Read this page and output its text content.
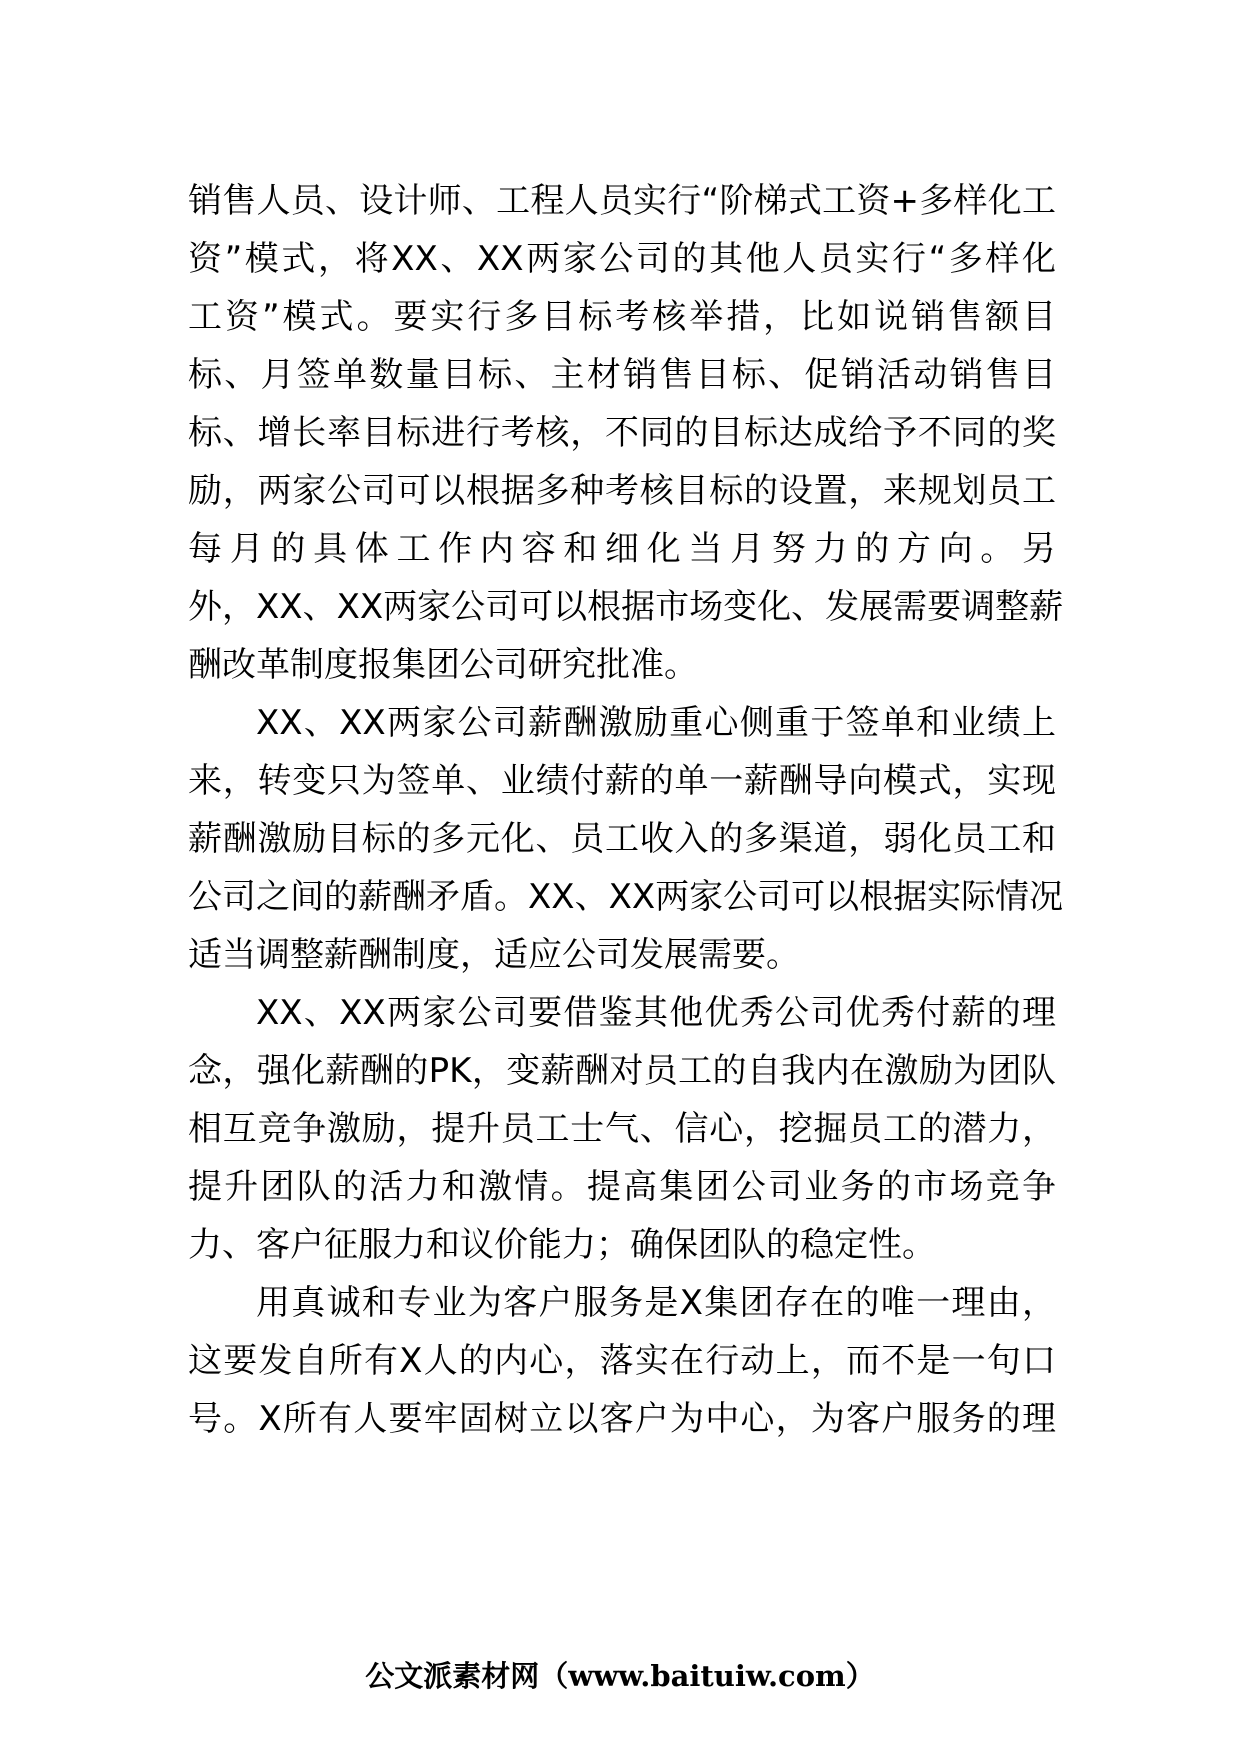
销售人员、设计师、工程人员实行“阶梯式工资+多样化工
资”模式，将XX、XX两家公司的其他人员实行“多样化
工资”模式。要实行多目标考核举措，比如说销售额目
标、月签单数量目标、主材销售目标、促销活动销售目
标、增长率目标进行考核，不同的目标达成给予不同的奖
励，两家公司可以根据多种考核目标的设置，来规划员工
每月的具体工作内容和细化当月努力的方向。另
外，XX、XX两家公司可以根据市场变化、发展需要调整薪
酬改革制度报集团公司研究批准。
XX、XX两家公司薪酬激励重心侧重于签单和业绩上
来，转变只为签单、业绩付薪的单一薪酬导向模式，实现
薪酬激励目标的多元化、员工收入的多渠道，弱化员工和
公司之间的薪酬矛盾。XX、XX两家公司可以根据实际情况
适当调整薪酬制度，适应公司发展需要。
XX、XX两家公司要借鉴其他优秀公司优秀付薪的理
念，强化薪酬的PK，变薪酬对员工的自我内在激励为团队
相互竞争激励，提升员工士气、信心，挖掘员工的潜力，
提升团队的活力和激情。提高集团公司业务的市场竞争
力、客户征服力和议价能力；确保团队的稳定性。
用真诚和专业为客户服务是X集团存在的唯一理由，
这要发自所有X人的内心，落实在行动上，而不是一句口
号。X所有人要牢固树立以客户为中心，为客户服务的理
公文派素材网（www.baituiw.com）
